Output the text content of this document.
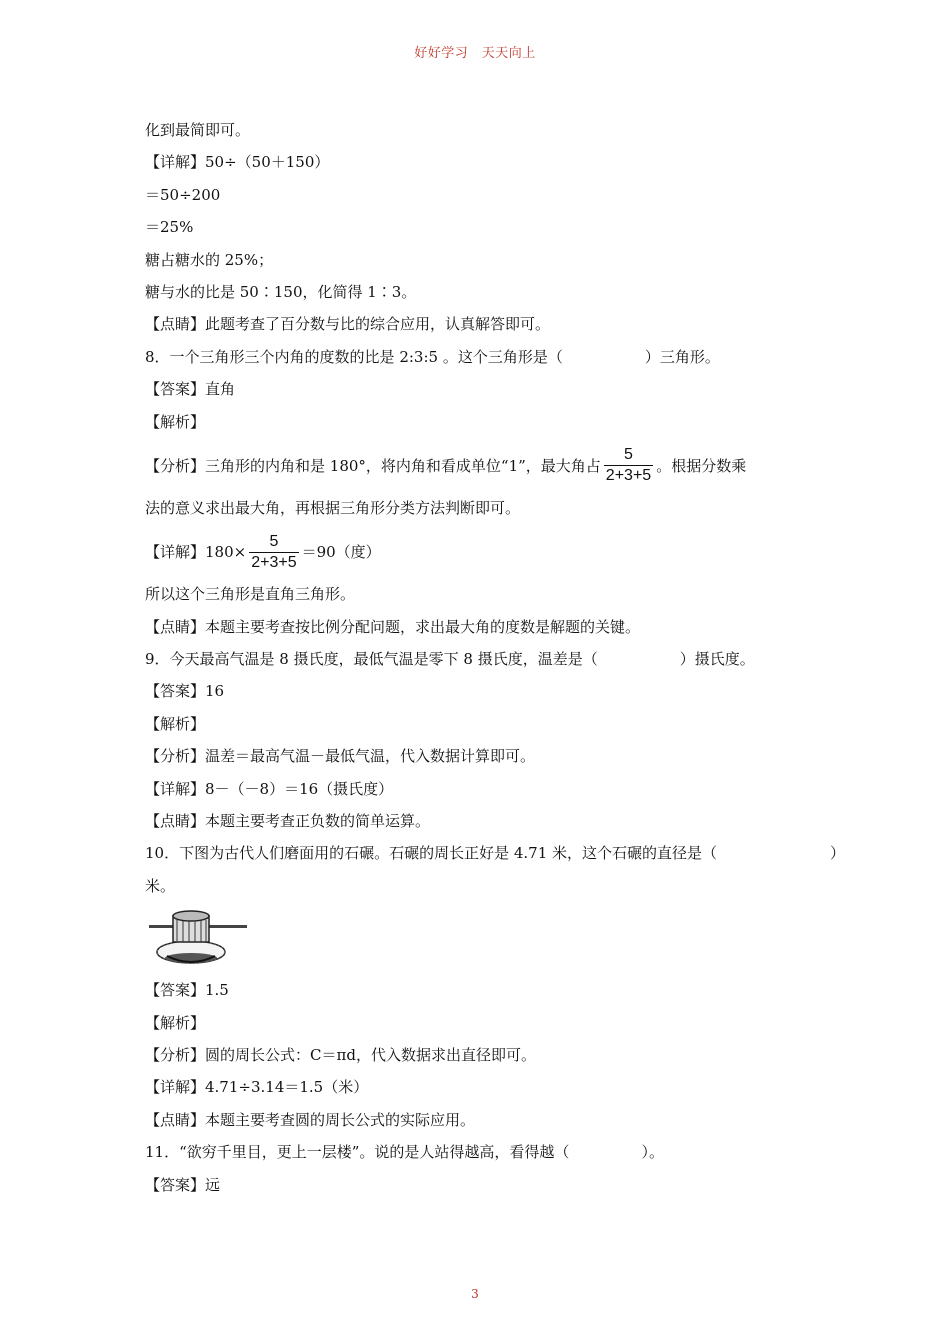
好好学习　天天向上
化到最简即可。
【详解】50÷（50＋150）
＝50÷200
＝25%
糖占糖水的 25%；
糖与水的比是 50∶150，化简得 1∶3。
【点睛】此题考查了百分数与比的综合应用，认真解答即可。
8．一个三角形三个内角的度数的比是 2:3:5 。这个三角形是（	）三角形。
【答案】直角
【解析】
【分析】三角形的内角和是 180°，将内角和看成单位“1”，最大角占 $\frac{5}{2+3+5}$ 。根据分数乘
法的意义求出最大角，再根据三角形分类方法判断即可。
【详解】$180\times \frac{5}{2+3+5} =90$（度）
所以这个三角形是直角三角形。
【点睛】本题主要考查按比例分配问题，求出最大角的度数是解题的关键。
9．今天最高气温是 8 摄氏度，最低气温是零下 8 摄氏度，温差是（	）摄氏度。
【答案】16
【解析】
【分析】温差＝最高气温－最低气温，代入数据计算即可。
【详解】8－（－8）＝16（摄氏度）
【点睛】本题主要考查正负数的简单运算。
10．下图为古代人们磨面用的石碾。石碾的周长正好是 4.71 米，这个石碾的直径是（	）
米。
【答案】1.5
【解析】
【分析】圆的周长公式：C＝πd，代入数据求出直径即可。
【详解】4.71÷3.14＝1.5（米）
【点睛】本题主要考查圆的周长公式的实际应用。
11．“欲穷千里目，更上一层楼”。说的是人站得越高，看得越（	）。
【答案】远
3
